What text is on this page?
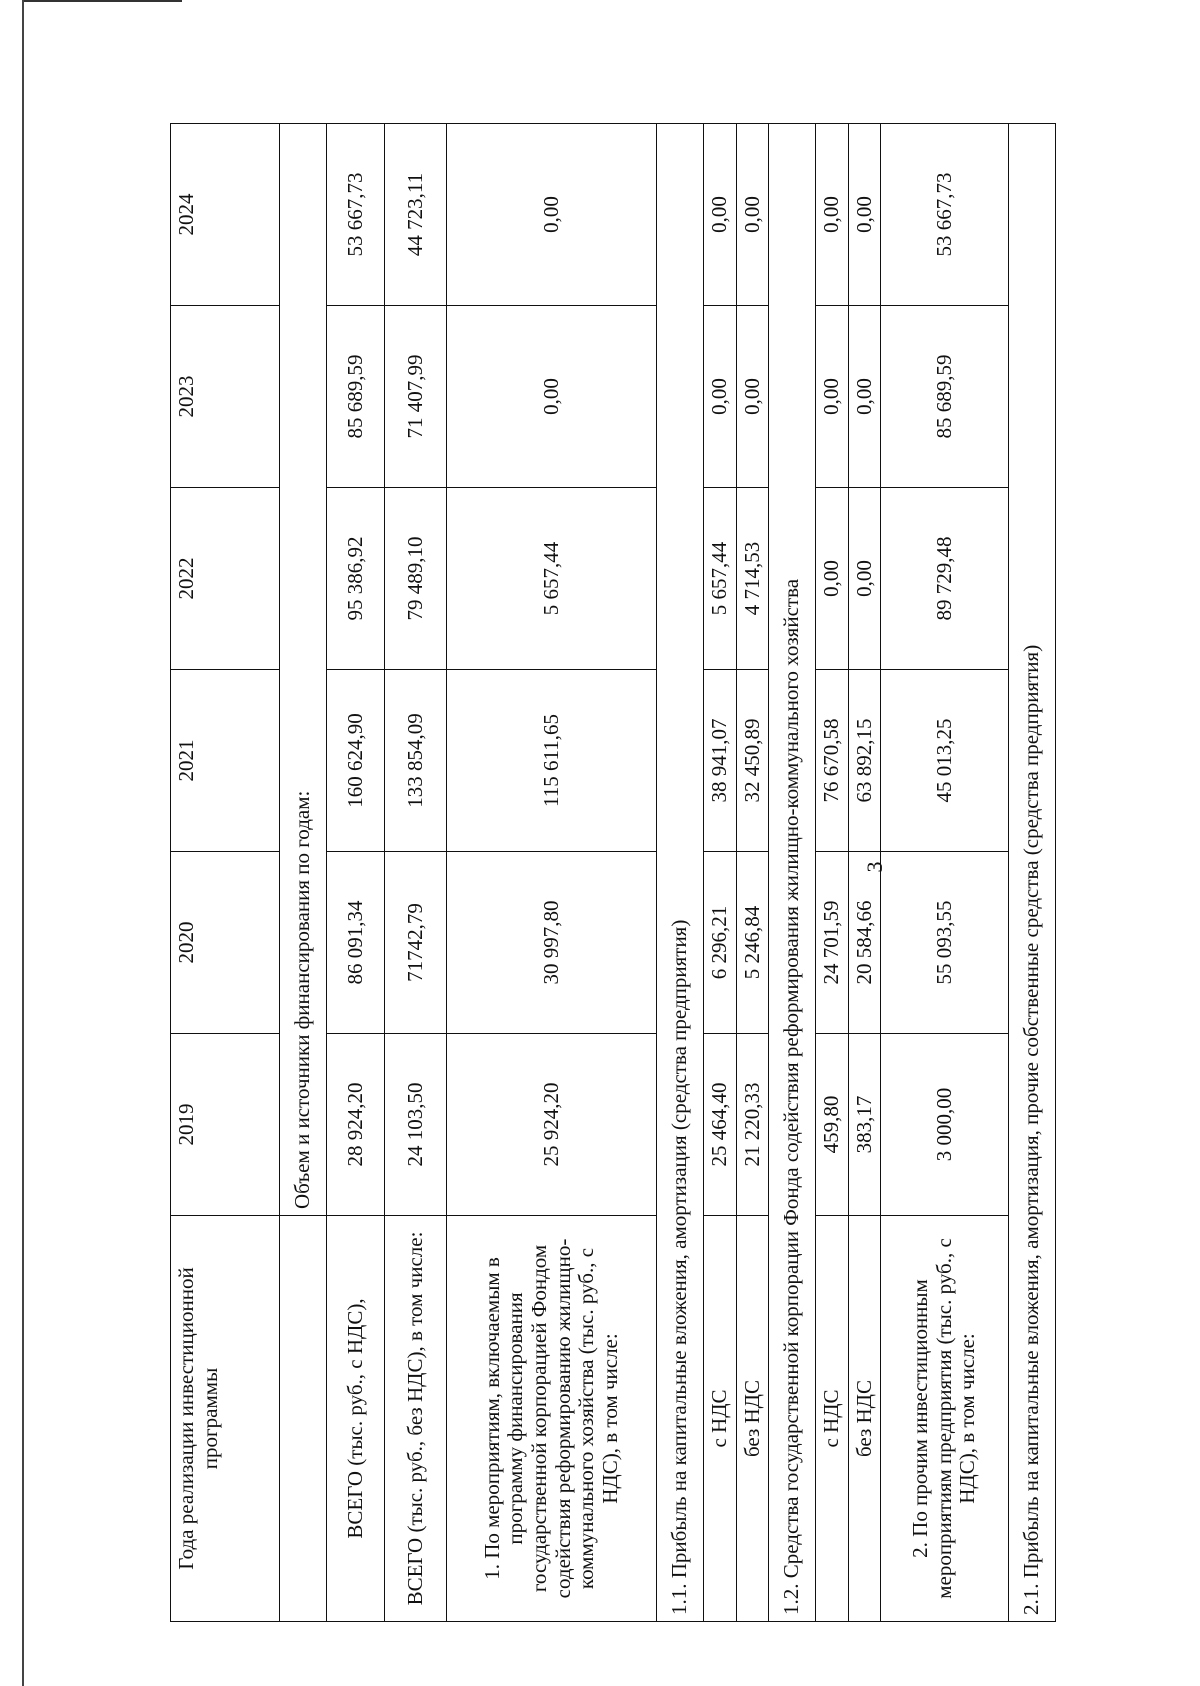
3
Года реализации инвестиционной программы	2019	2020	2021	2022	2023	2024
	Объем и источники финансирования по годам:					
ВСЕГО (тыс. руб., с НДС),	28 924,20	86 091,34	160 624,90	95 386,92	85 689,59	53 667,73
ВСЕГО (тыс. руб., без НДС), в том числе:	24 103,50	71742,79	133 854,09	79 489,10	71 407,99	44 723,11
1. По мероприятиям, включаемым в программу финансирования государственной корпорацией Фондом содействия реформированию жилищно-коммунального хозяйства (тыс. руб., с НДС), в том числе:	25 924,20	30 997,80	115 611,65	5 657,44	0,00	0,00
1.1. Прибыль на капитальные вложения, амортизация (средства предприятия)						
с НДС	25 464,40	6 296,21	38 941,07	5 657,44	0,00	0,00
без НДС	21 220,33	5 246,84	32 450,89	4 714,53	0,00	0,00
1.2. Средства государственной корпорации Фонда содействия реформирования жилищно-коммунального хозяйства						
с НДС	459,80	24 701,59	76 670,58	0,00	0,00	0,00
без НДС	383,17	20 584,66	63 892,15	0,00	0,00	0,00
2. По прочим инвестиционным мероприятиям предприятия (тыс. руб., с НДС), в том числе:	3 000,00	55 093,55	45 013,25	89 729,48	85 689,59	53 667,73
2.1. Прибыль на капитальные вложения, амортизация, прочие собственные средства (средства предприятия)						
